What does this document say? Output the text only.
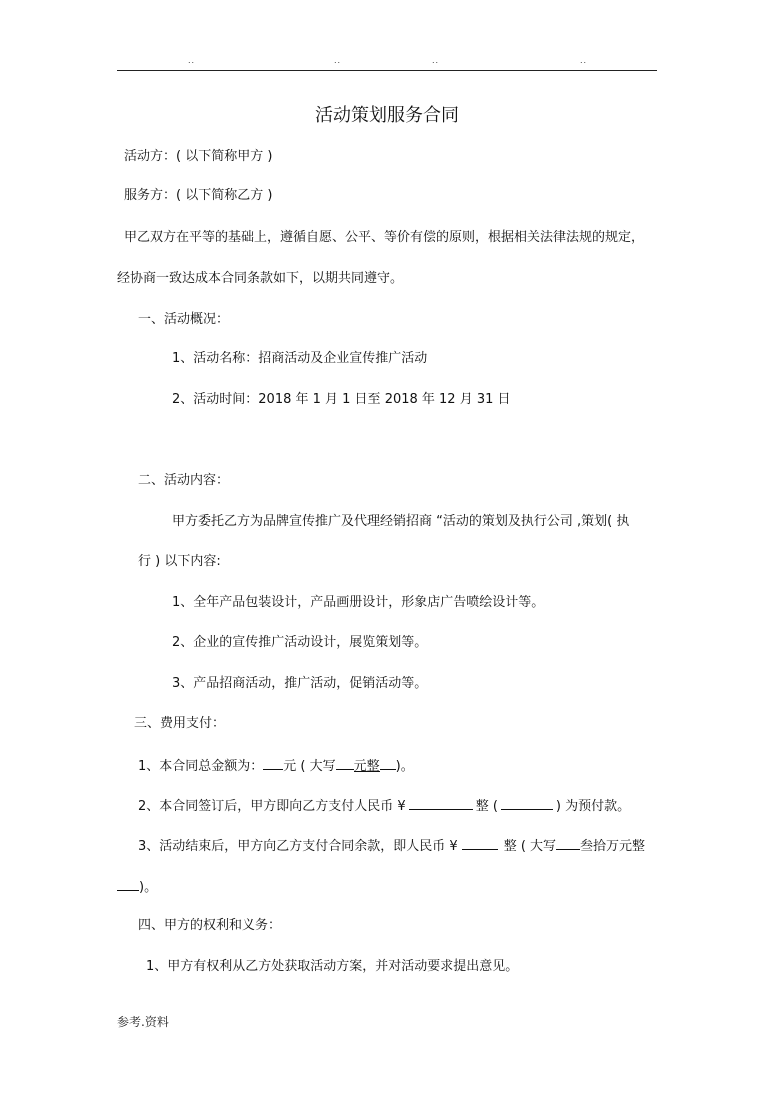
..	..	..	..
活动策划服务合同
活动方：( 以下简称甲方 )
服务方：( 以下简称乙方 )
甲乙双方在平等的基础上，遵循自愿、公平、等价有偿的原则，根据相关法律法规的规定，
经协商一致达成本合同条款如下，以期共同遵守。
一、活动概况：
1、活动名称：招商活动及企业宣传推广活动
2、活动时间：2018 年 1 月 1 日至 2018 年 12 月 31 日
二、活动内容：
甲方委托乙方为品牌宣传推广及代理经销招商 “活动的策划及执行公司 ,策划( 执
行 ) 以下内容:
1、全年产品包装设计，产品画册设计，形象店广告喷绘设计等。
2、企业的宣传推广活动设计，展览策划等。
3、产品招商活动，推广活动，促销活动等。
三、费用支付：
1、本合同总金额为： 元 ( 大写 元整 )。
2、本合同签订后，甲方即向乙方支付人民币 ¥	整 (	) 为预付款。
3、活动结束后，甲方向乙方支付合同余款，即人民币 ¥	整 ( 大写 叁拾万元整
)。
四、甲方的权利和义务：
1、甲方有权利从乙方处获取活动方案，并对活动要求提出意见。
参考.资料
